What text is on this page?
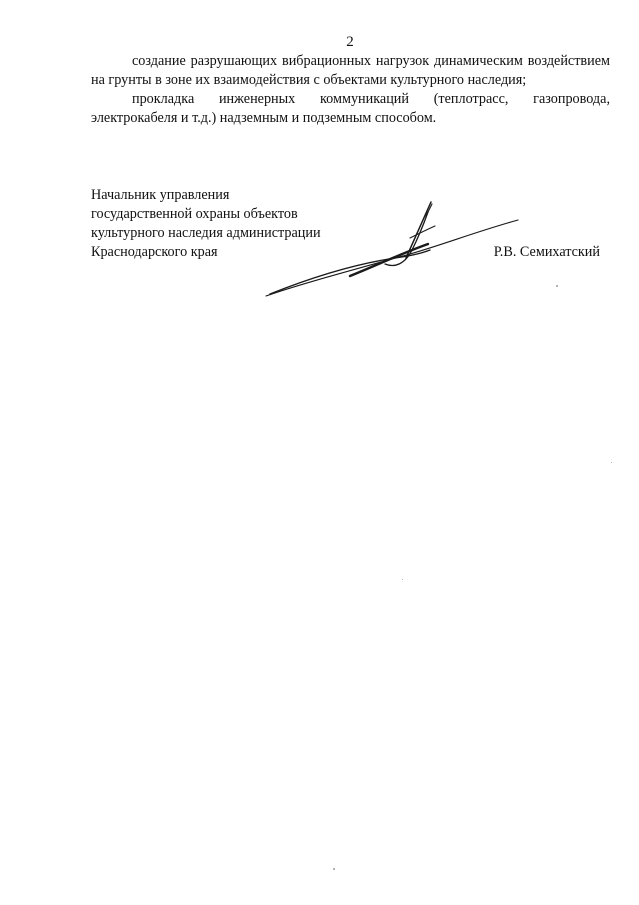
2

создание разрушающих вибрационных нагрузок динамическим воздействием на грунты в зоне их взаимодействия с объектами культурного наследия;

прокладка инженерных коммуникаций (теплотрасс, газопровода, электрокабеля и т.д.) надземным и подземным способом.

Начальник управления
государственной охраны объектов
культурного наследия администрации
Краснодарского края	Р.В. Семихатский
